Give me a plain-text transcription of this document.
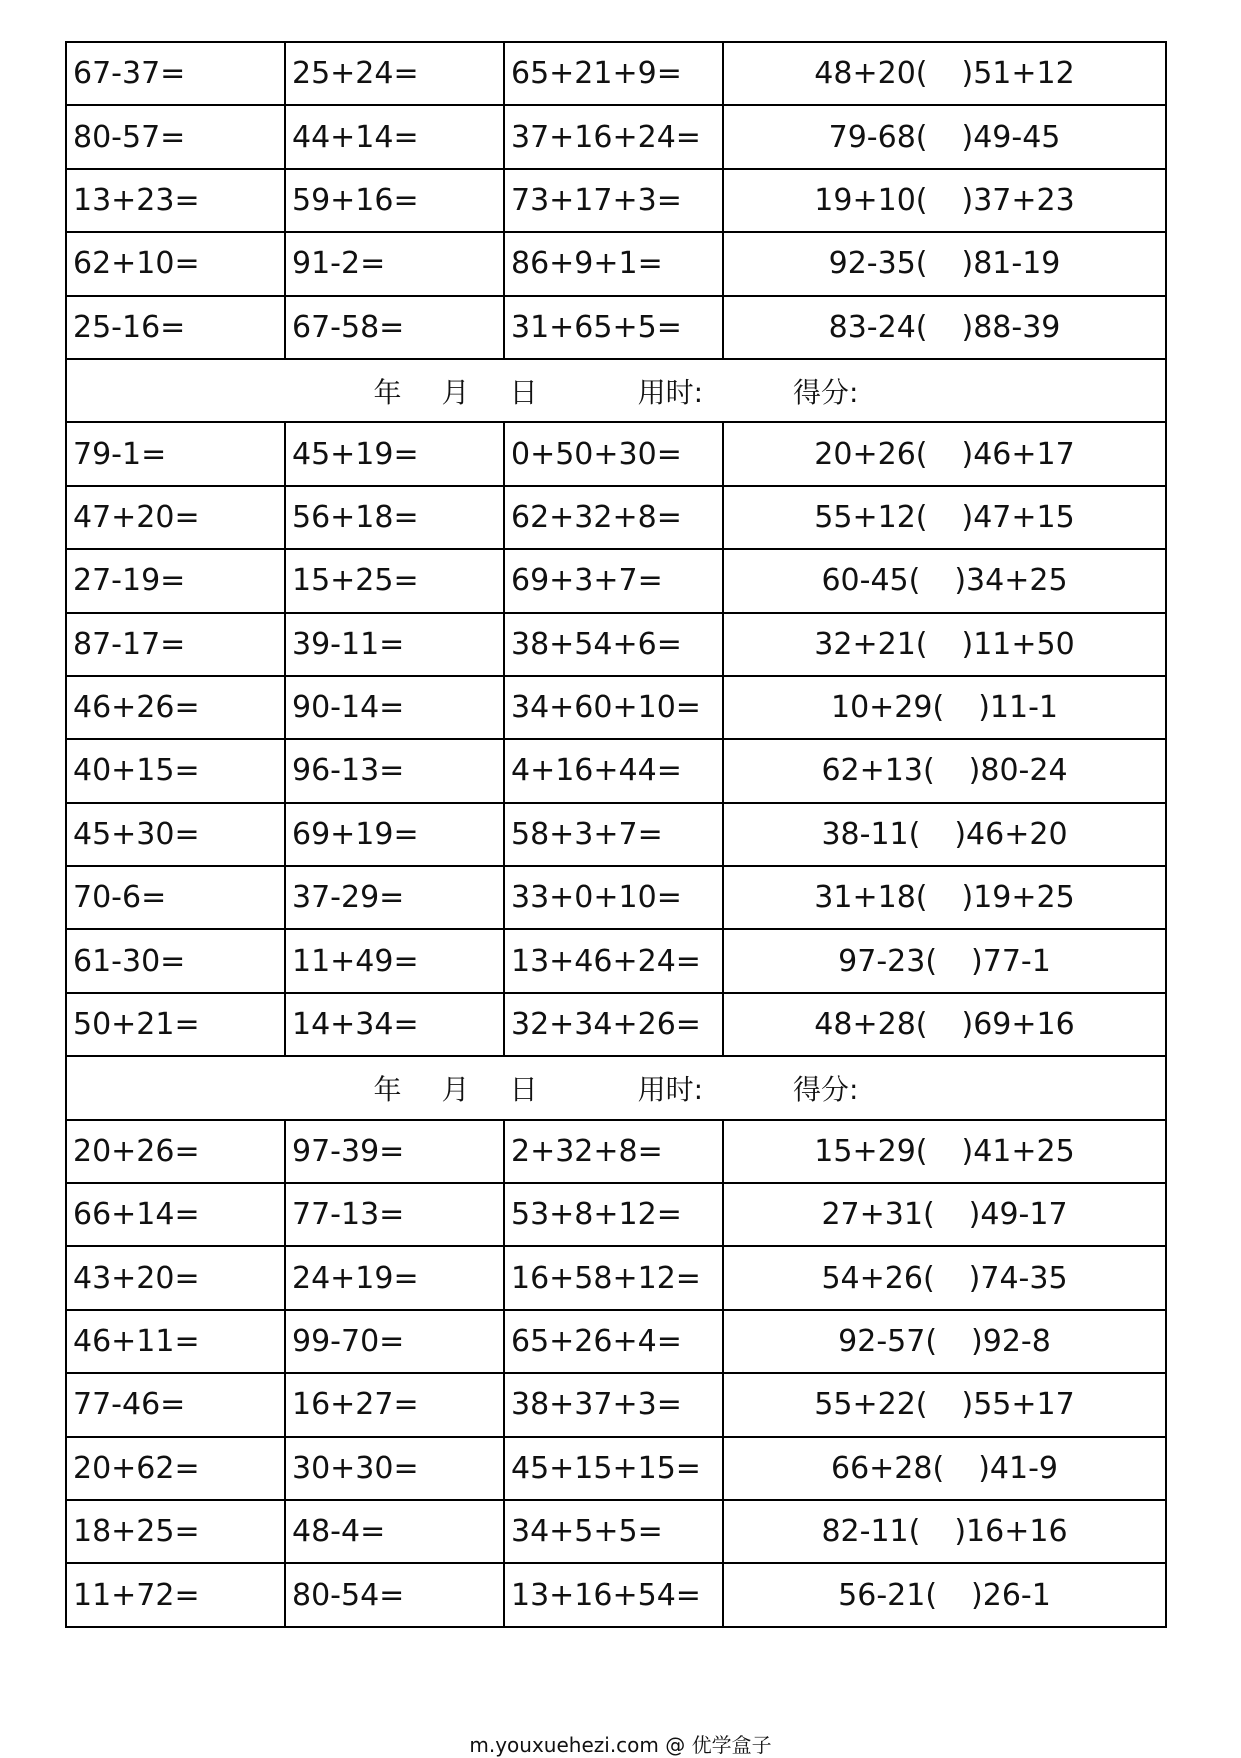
67-37=	25+24=	65+21+9=	48+20( )51+12
80-57=	44+14=	37+16+24=	79-68( )49-45
13+23=	59+16=	73+17+3=	19+10( )37+23
62+10=	91-2=	86+9+1=	92-35( )81-19
25-16=	67-58=	31+65+5=	83-24( )88-39
年 月 日 用时: 得分:			
79-1=	45+19=	0+50+30=	20+26( )46+17
47+20=	56+18=	62+32+8=	55+12( )47+15
27-19=	15+25=	69+3+7=	60-45( )34+25
87-17=	39-11=	38+54+6=	32+21( )11+50
46+26=	90-14=	34+60+10=	10+29( )11-1
40+15=	96-13=	4+16+44=	62+13( )80-24
45+30=	69+19=	58+3+7=	38-11( )46+20
70-6=	37-29=	33+0+10=	31+18( )19+25
61-30=	11+49=	13+46+24=	97-23( )77-1
50+21=	14+34=	32+34+26=	48+28( )69+16
年 月 日 用时: 得分:			
20+26=	97-39=	2+32+8=	15+29( )41+25
66+14=	77-13=	53+8+12=	27+31( )49-17
43+20=	24+19=	16+58+12=	54+26( )74-35
46+11=	99-70=	65+26+4=	92-57( )92-8
77-46=	16+27=	38+37+3=	55+22( )55+17
20+62=	30+30=	45+15+15=	66+28( )41-9
18+25=	48-4=	34+5+5=	82-11( )16+16
11+72=	80-54=	13+16+54=	56-21( )26-1
m.youxuehezi.com @ 优学盒子
